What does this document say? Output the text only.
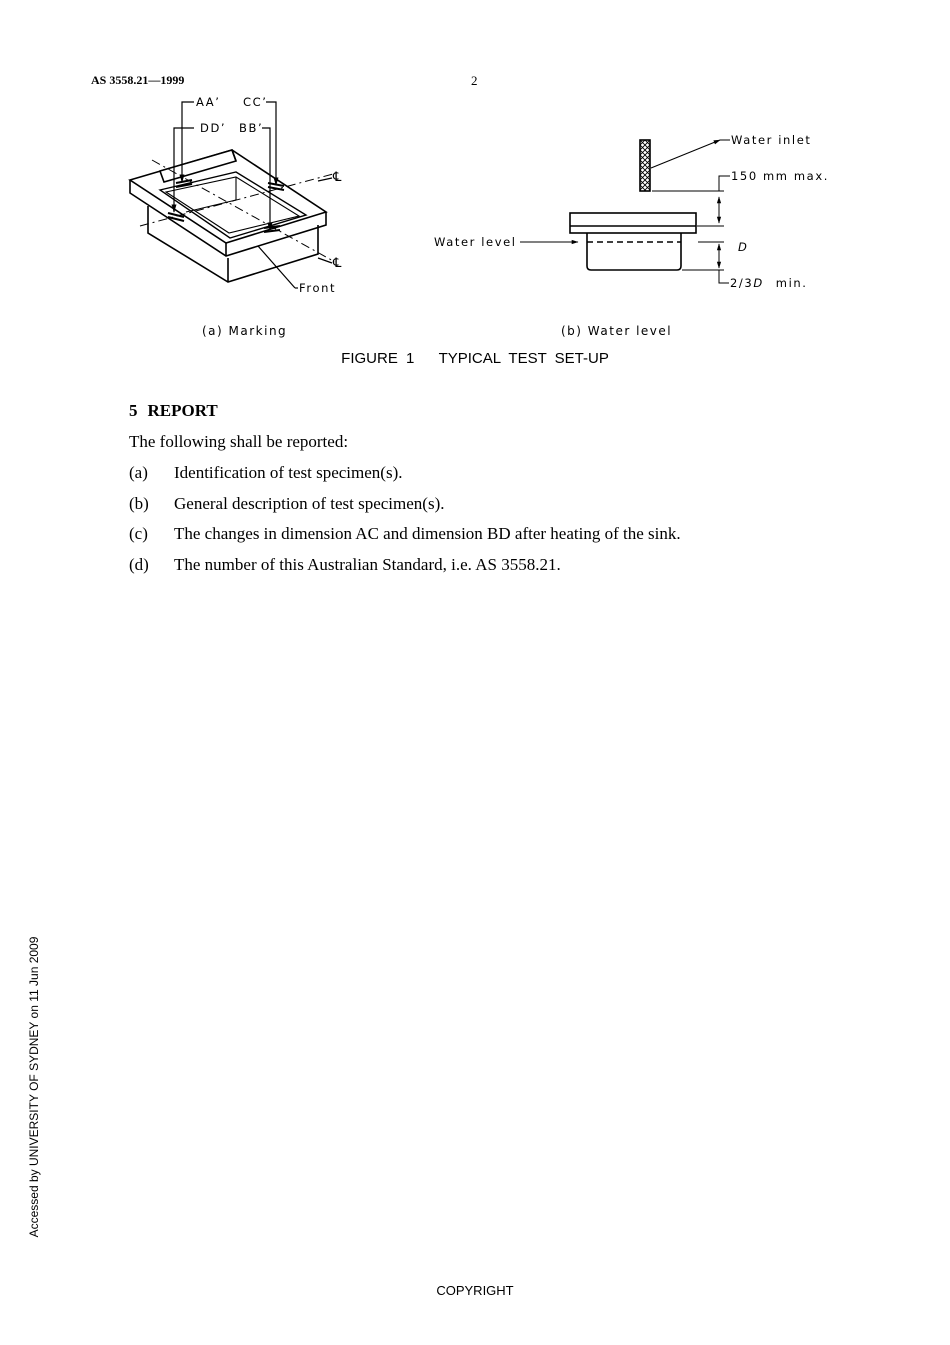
AS 3558.21—1999	2
AA’ CC’
DD’ BB’
Front
℄
℄
Water inlet
150 mm max.
Water level	D
2/3D min.
(a) Marking	(b) Water level
FIGURE 1   TYPICAL TEST SET-UP
5 REPORT
The following shall be reported:
(a) Identification of test specimen(s).
(b) General description of test specimen(s).
(c) The changes in dimension AC and dimension BD after heating of the sink.
(d) The number of this Australian Standard, i.e. AS 3558.21.
Accessed by UNIVERSITY OF SYDNEY on 11 Jun 2009
COPYRIGHT
